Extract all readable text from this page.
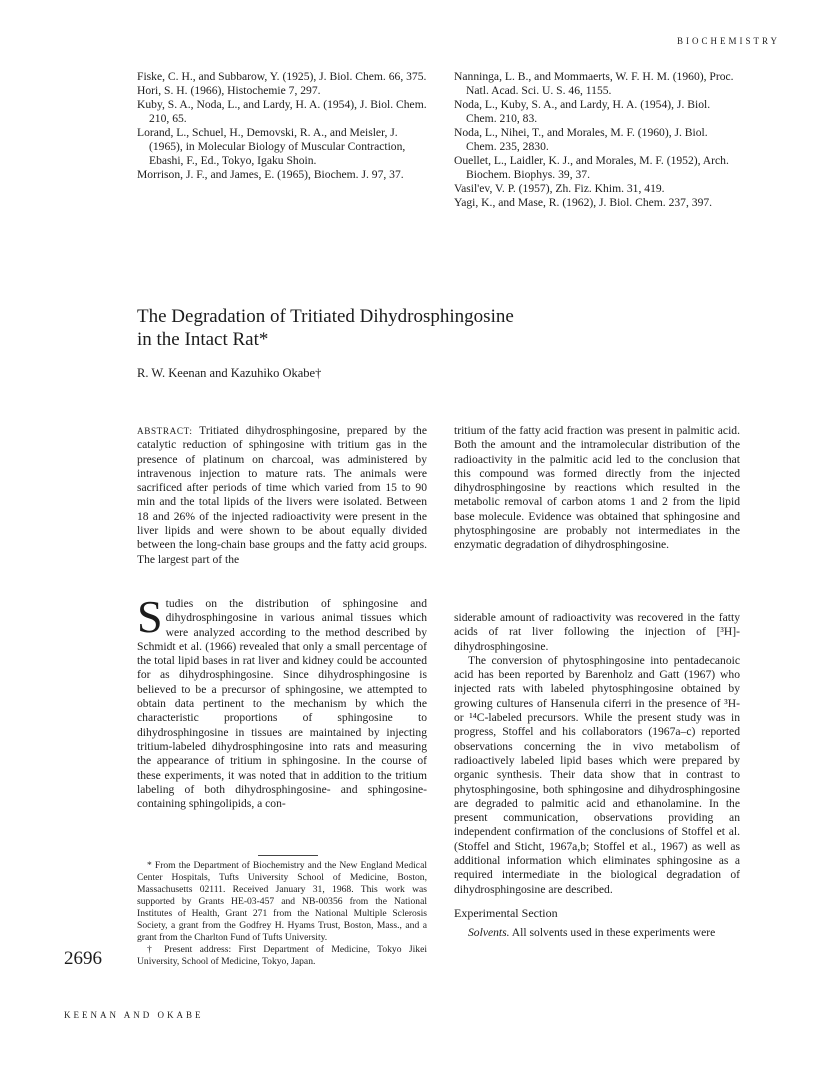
BIOCHEMISTRY

Fiske, C. H., and Subbarow, Y. (1925), J. Biol. Chem. 66, 375.

Hori, S. H. (1966), Histochemie 7, 297.

Kuby, S. A., Noda, L., and Lardy, H. A. (1954), J. Biol. Chem. 210, 65.

Lorand, L., Schuel, H., Demovski, R. A., and Meisler, J. (1965), in Molecular Biology of Muscular Contraction, Ebashi, F., Ed., Tokyo, Igaku Shoin.

Morrison, J. F., and James, E. (1965), Biochem. J. 97, 37.

Nanninga, L. B., and Mommaerts, W. F. H. M. (1960), Proc. Natl. Acad. Sci. U. S. 46, 1155.

Noda, L., Kuby, S. A., and Lardy, H. A. (1954), J. Biol. Chem. 210, 83.

Noda, L., Nihei, T., and Morales, M. F. (1960), J. Biol. Chem. 235, 2830.

Ouellet, L., Laidler, K. J., and Morales, M. F. (1952), Arch. Biochem. Biophys. 39, 37.

Vasil'ev, V. P. (1957), Zh. Fiz. Khim. 31, 419.

Yagi, K., and Mase, R. (1962), J. Biol. Chem. 237, 397.

The Degradation of Tritiated Dihydrosphingosine
in the Intact Rat*
R. W. Keenan and Kazuhiko Okabe†
ABSTRACT: Tritiated dihydrosphingosine, prepared by the catalytic reduction of sphingosine with tritium gas in the presence of platinum on charcoal, was administered by intravenous injection to mature rats. The animals were sacrificed after periods of time which varied from 15 to 90 min and the total lipids of the livers were isolated. Between 18 and 26% of the injected radioactivity were present in the liver lipids and were shown to be about equally divided between the long-chain base groups and the fatty acid groups. The largest part of the
tritium of the fatty acid fraction was present in palmitic acid. Both the amount and the intramolecular distribution of the radioactivity in the palmitic acid led to the conclusion that this compound was formed directly from the injected dihydrosphingosine by reactions which resulted in the metabolic removal of carbon atoms 1 and 2 from the lipid base molecule. Evidence was obtained that sphingosine and phytosphingosine are probably not intermediates in the enzymatic degradation of dihydrosphingosine.

Studies on the distribution of sphingosine and dihydrosphingosine in various animal tissues which were analyzed according to the method described by Schmidt et al. (1966) revealed that only a small percentage of the total lipid bases in rat liver and kidney could be accounted for as dihydrosphingosine. Since dihydrosphingosine is believed to be a precursor of sphingosine, we attempted to obtain data pertinent to the mechanism by which the characteristic proportions of sphingosine to dihydrosphingosine in tissues are maintained by injecting tritium-labeled dihydrosphingosine into rats and measuring the appearance of tritium in sphingosine. In the course of these experiments, it was noted that in addition to the tritium labeling of both dihydrosphingosine- and sphingosine-containing sphingolipids, a con-

* From the Department of Biochemistry and the New England Medical Center Hospitals, Tufts University School of Medicine, Boston, Massachusetts 02111. Received January 31, 1968. This work was supported by Grants HE-03-457 and NB-00356 from the National Institutes of Health, Grant 271 from the National Multiple Sclerosis Society, a grant from the Godfrey H. Hyams Trust, Boston, Mass., and a grant from the Charlton Fund of Tufts University.

† Present address: First Department of Medicine, Tokyo Jikei University, School of Medicine, Tokyo, Japan.

2696

siderable amount of radioactivity was recovered in the fatty acids of rat liver following the injection of [³H]-dihydrosphingosine.

The conversion of phytosphingosine into pentadecanoic acid has been reported by Barenholz and Gatt (1967) who injected rats with labeled phytosphingosine obtained by growing cultures of Hansenula ciferri in the presence of ³H- or ¹⁴C-labeled precursors. While the present study was in progress, Stoffel and his collaborators (1967a–c) reported observations concerning the in vivo metabolism of radioactively labeled lipid bases which were prepared by organic synthesis. Their data show that in contrast to phytosphingosine, both sphingosine and dihydrosphingosine are degraded to palmitic acid and ethanolamine. In the present communication, observations providing an independent confirmation of the conclusions of Stoffel et al. (Stoffel and Sticht, 1967a,b; Stoffel et al., 1967) as well as additional information which eliminates sphingosine as a required intermediate in the biological degradation of dihydrosphingosine are described.

Experimental Section

Solvents. All solvents used in these experiments were

KEENAN AND OKABE
